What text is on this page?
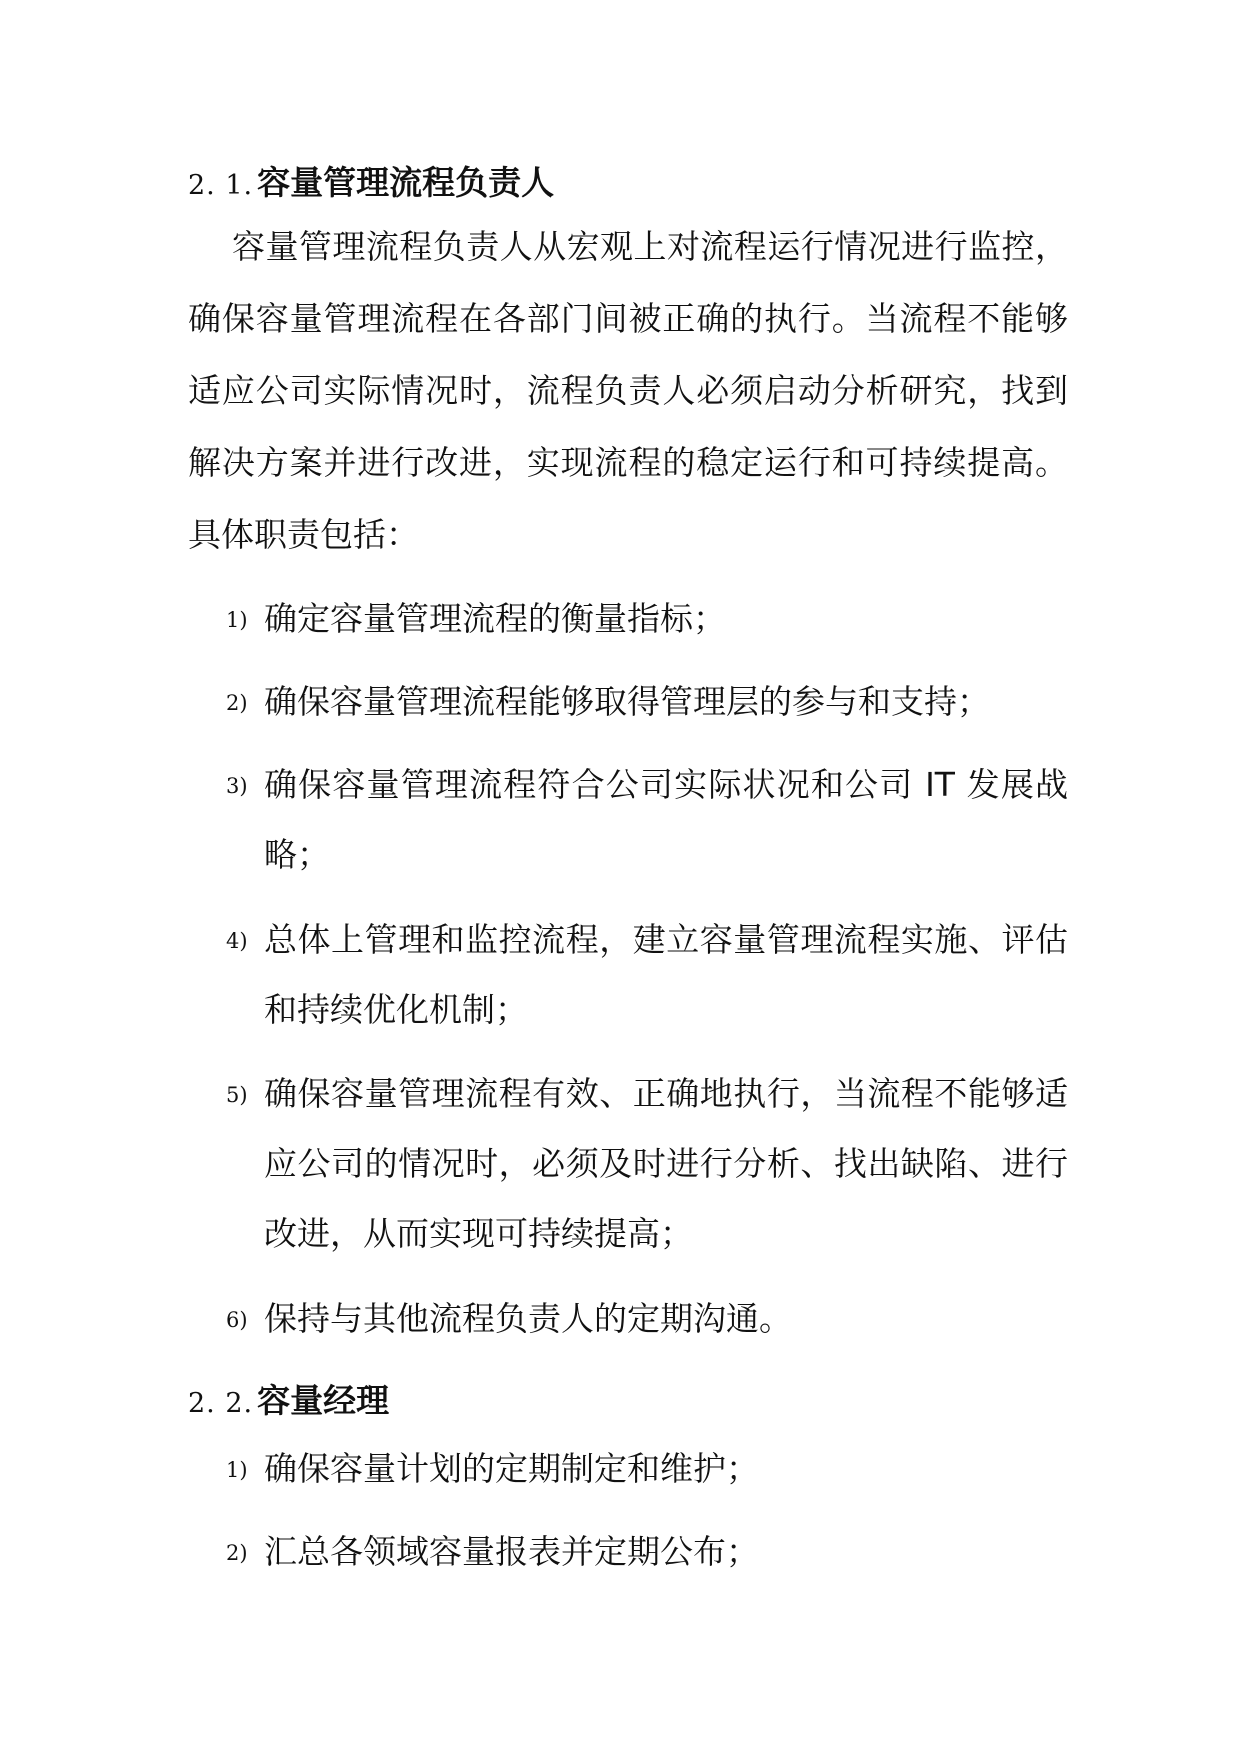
2. 1. 容量管理流程负责人
容量管理流程负责人从宏观上对流程运行情况进行监控，
确保容量管理流程在各部门间被正确的执行。当流程不能够
适应公司实际情况时，流程负责人必须启动分析研究，找到
解决方案并进行改进，实现流程的稳定运行和可持续提高。
具体职责包括：
1) 确定容量管理流程的衡量指标；
2) 确保容量管理流程能够取得管理层的参与和支持；
3) 确保容量管理流程符合公司实际状况和公司 IT 发展战
略；
4) 总体上管理和监控流程，建立容量管理流程实施、评估
和持续优化机制；
5) 确保容量管理流程有效、正确地执行，当流程不能够适
应公司的情况时，必须及时进行分析、找出缺陷、进行
改进，从而实现可持续提高；
6) 保持与其他流程负责人的定期沟通。
2. 2. 容量经理
1) 确保容量计划的定期制定和维护；
2) 汇总各领域容量报表并定期公布；
